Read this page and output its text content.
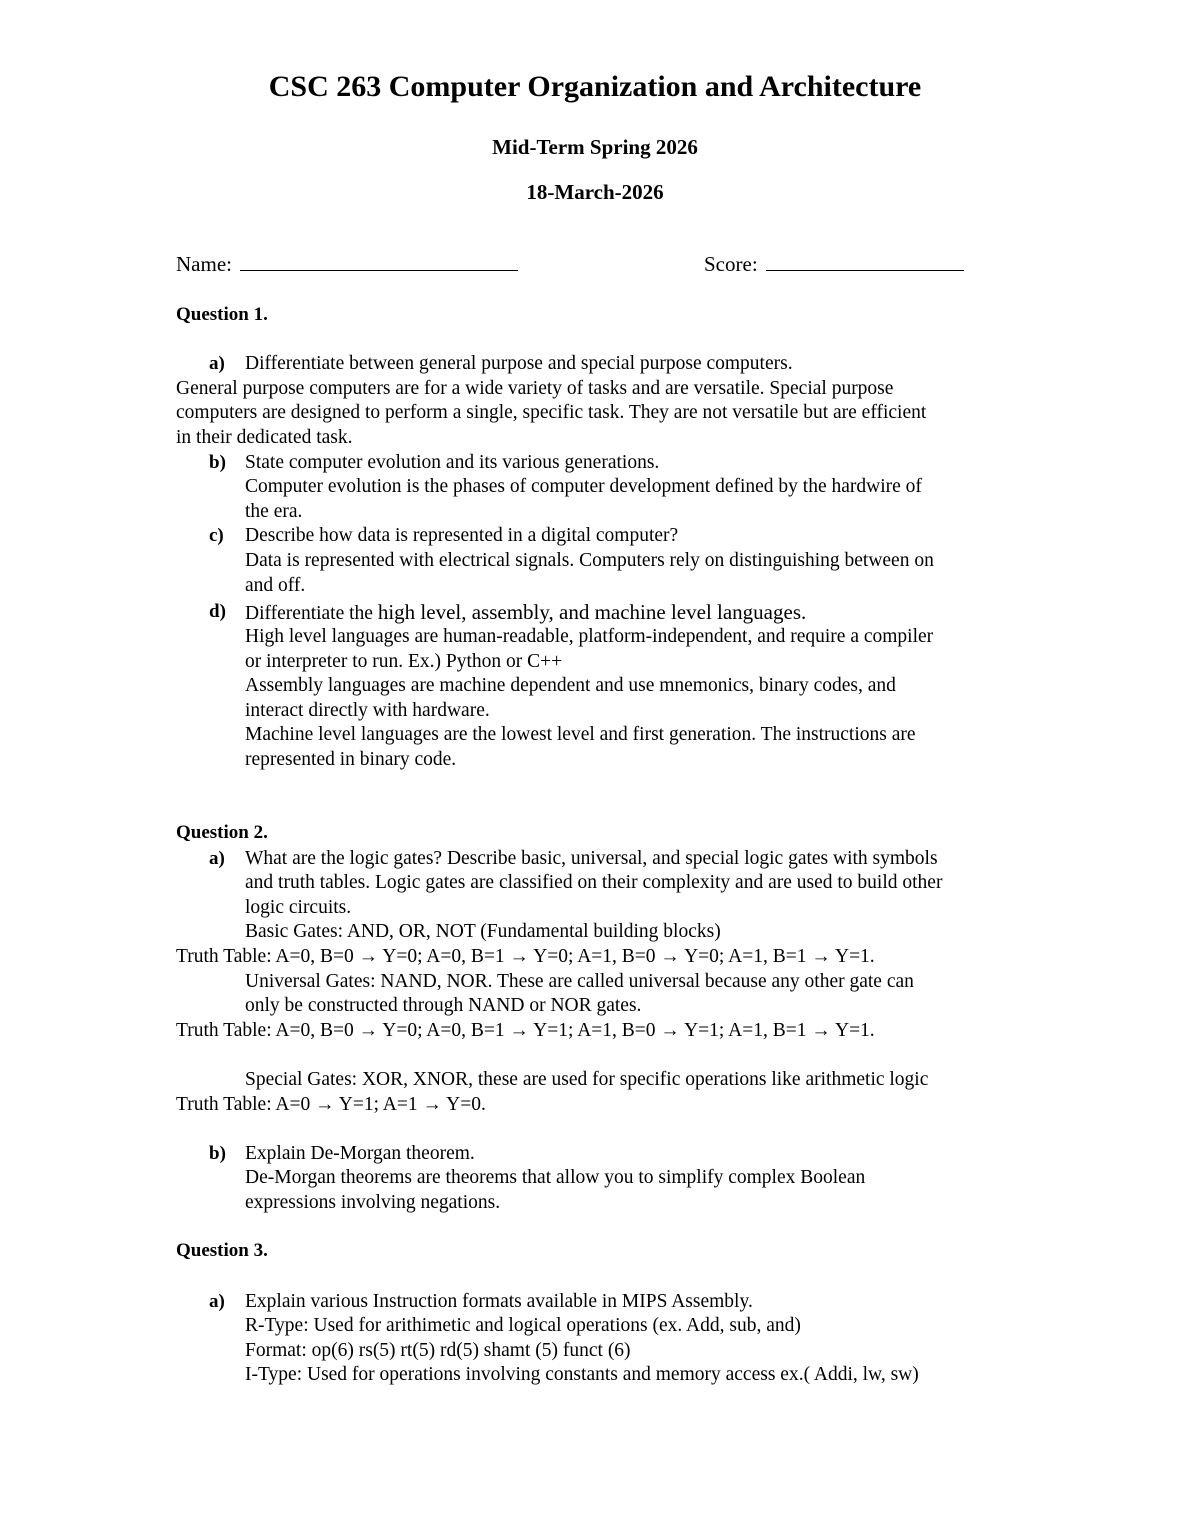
CSC 263 Computer Organization and Architecture
Mid-Term Spring 2026
18-March-2026
Name:	Score:
Question 1.
a) Differentiate between general purpose and special purpose computers.
General purpose computers are for a wide variety of tasks and are versatile. Special purpose
computers are designed to perform a single, specific task. They are not versatile but are efficient
in their dedicated task.
b) State computer evolution and its various generations.
Computer evolution is the phases of computer development defined by the hardwire of
the era.
c) Describe how data is represented in a digital computer?
Data is represented with electrical signals. Computers rely on distinguishing between on
and off.
d) Differentiate the high level, assembly, and machine level languages.
High level languages are human-readable, platform-independent, and require a compiler
or interpreter to run. Ex.) Python or C++
Assembly languages are machine dependent and use mnemonics, binary codes, and
interact directly with hardware.
Machine level languages are the lowest level and first generation. The instructions are
represented in binary code.
Question 2.
a) What are the logic gates? Describe basic, universal, and special logic gates with symbols
and truth tables. Logic gates are classified on their complexity and are used to build other
logic circuits.
Basic Gates: AND, OR, NOT (Fundamental building blocks)
Truth Table: A=0, B=0 → Y=0; A=0, B=1 → Y=0; A=1, B=0 → Y=0; A=1, B=1 → Y=1.
Universal Gates: NAND, NOR. These are called universal because any other gate can
only be constructed through NAND or NOR gates.
Truth Table: A=0, B=0 → Y=0; A=0, B=1 → Y=1; A=1, B=0 → Y=1; A=1, B=1 → Y=1.
Special Gates: XOR, XNOR, these are used for specific operations like arithmetic logic
Truth Table: A=0 → Y=1; A=1 → Y=0.
b) Explain De-Morgan theorem.
De-Morgan theorems are theorems that allow you to simplify complex Boolean
expressions involving negations.
Question 3.
a) Explain various Instruction formats available in MIPS Assembly.
R-Type: Used for arithimetic and logical operations (ex. Add, sub, and)
Format: op(6) rs(5) rt(5) rd(5) shamt (5) funct (6)
I-Type: Used for operations involving constants and memory access ex.( Addi, lw, sw)
